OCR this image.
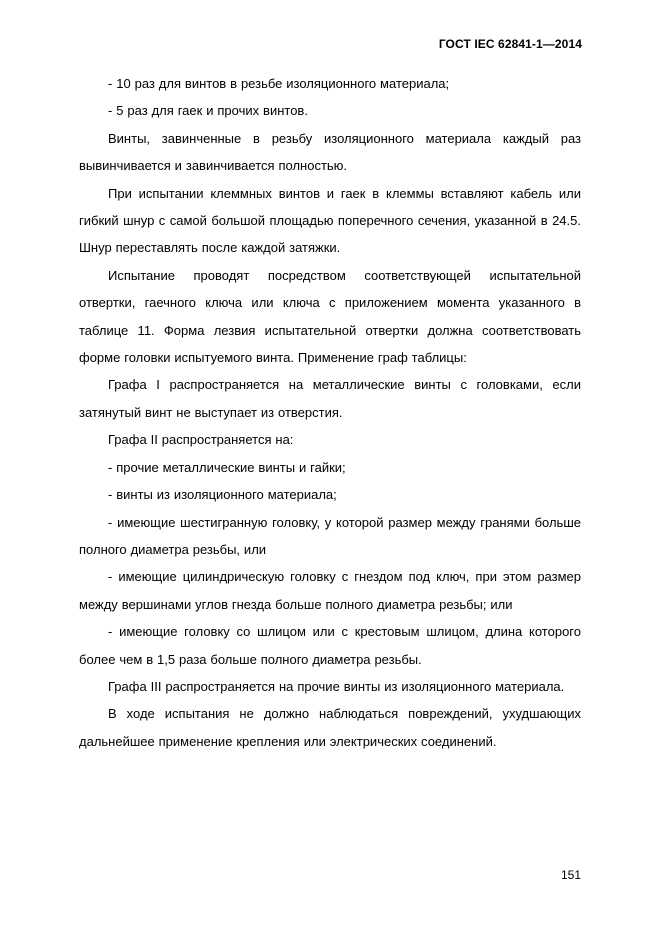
ГОСТ IEC 62841-1—2014

- 10 раз для винтов в резьбе изоляционного материала;

- 5 раз для гаек и прочих винтов.

Винты, завинченные в резьбу изоляционного материала каждый раз вывинчивается и завинчивается полностью.

При испытании клеммных винтов и гаек в клеммы вставляют кабель или гибкий шнур с самой большой площадью поперечного сечения, указанной в 24.5. Шнур переставлять после каждой затяжки.

Испытание проводят посредством соответствующей испытательной отвертки, гаечного ключа или ключа с приложением момента указанного в таблице 11. Форма лезвия испытательной отвертки должна соответствовать форме головки испытуемого винта. Применение граф таблицы:

Графа I распространяется на металлические винты с головками, если затянутый винт не выступает из отверстия.

Графа II распространяется на:

- прочие металлические винты и гайки;

- винты из изоляционного материала;

- имеющие шестигранную головку, у которой размер между гранями больше полного диаметра резьбы, или

- имеющие цилиндрическую головку с гнездом под ключ, при этом размер между вершинами углов гнезда больше полного диаметра резьбы; или

- имеющие головку со шлицом или с крестовым шлицом, длина которого более чем в 1,5 раза больше полного диаметра резьбы.

Графа III распространяется на прочие винты из изоляционного материала.

В ходе испытания не должно наблюдаться повреждений, ухудшающих дальнейшее применение крепления или электрических соединений.

151
